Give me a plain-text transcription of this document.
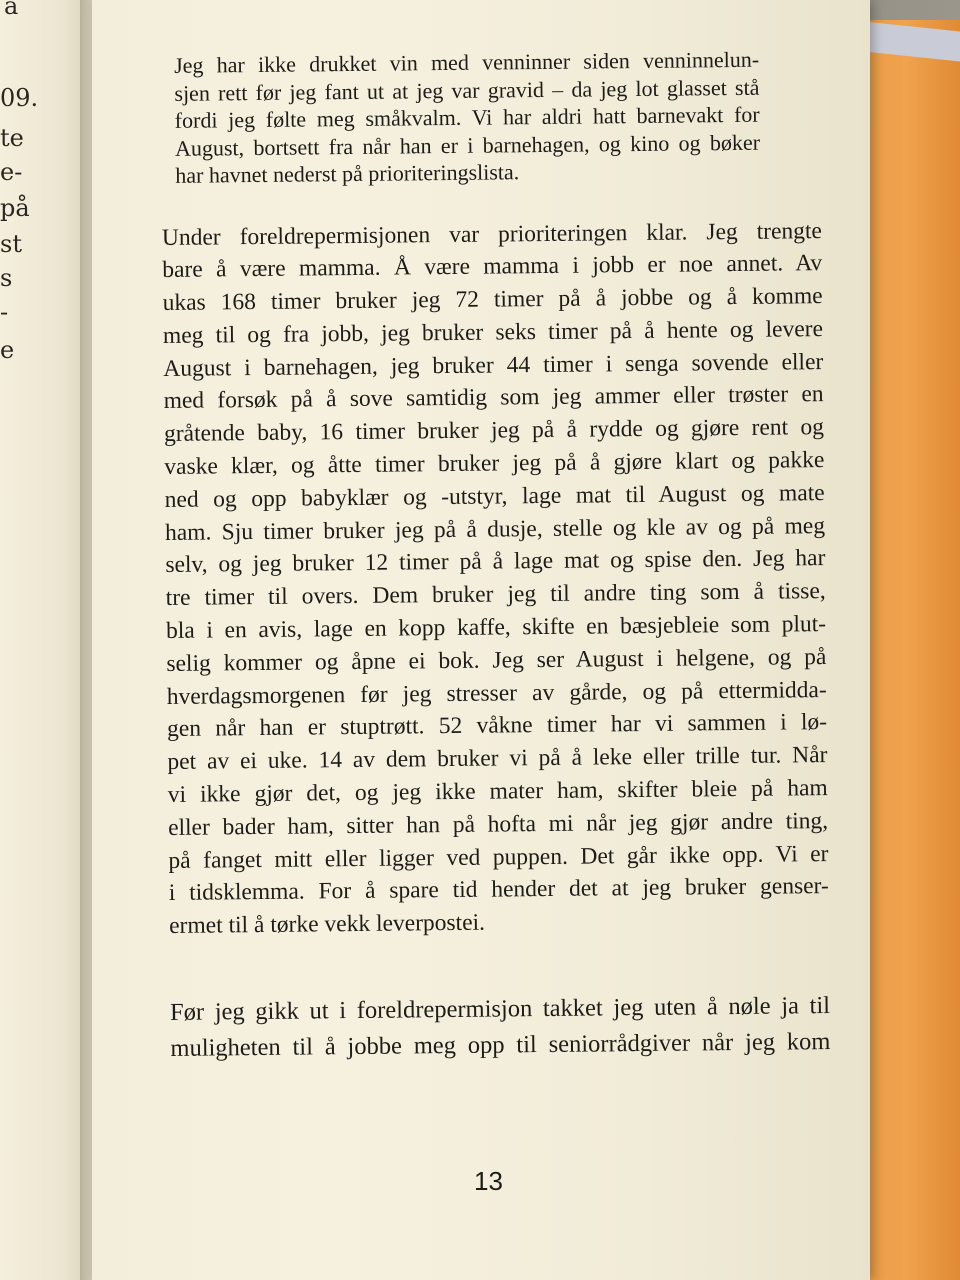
a
09.
te
e-
på
st
s
-
e
Jeg har ikke drukket vin med venninner siden venninnelun-
sjen rett før jeg fant ut at jeg var gravid – da jeg lot glasset stå
fordi jeg følte meg småkvalm. Vi har aldri hatt barnevakt for
August, bortsett fra når han er i barnehagen, og kino og bøker
har havnet nederst på prioriteringslista.
Under foreldrepermisjonen var prioriteringen klar. Jeg trengte
bare å være mamma. Å være mamma i jobb er noe annet. Av
ukas 168 timer bruker jeg 72 timer på å jobbe og å komme
meg til og fra jobb, jeg bruker seks timer på å hente og levere
August i barnehagen, jeg bruker 44 timer i senga sovende eller
med forsøk på å sove samtidig som jeg ammer eller trøster en
gråtende baby, 16 timer bruker jeg på å rydde og gjøre rent og
vaske klær, og åtte timer bruker jeg på å gjøre klart og pakke
ned og opp babyklær og -utstyr, lage mat til August og mate
ham. Sju timer bruker jeg på å dusje, stelle og kle av og på meg
selv, og jeg bruker 12 timer på å lage mat og spise den. Jeg har
tre timer til overs. Dem bruker jeg til andre ting som å tisse,
bla i en avis, lage en kopp kaffe, skifte en bæsjebleie som plut-
selig kommer og åpne ei bok. Jeg ser August i helgene, og på
hverdagsmorgenen før jeg stresser av gårde, og på ettermidda-
gen når han er stuptrøtt. 52 våkne timer har vi sammen i lø-
pet av ei uke. 14 av dem bruker vi på å leke eller trille tur. Når
vi ikke gjør det, og jeg ikke mater ham, skifter bleie på ham
eller bader ham, sitter han på hofta mi når jeg gjør andre ting,
på fanget mitt eller ligger ved puppen. Det går ikke opp. Vi er
i tidsklemma. For å spare tid hender det at jeg bruker genser-
ermet til å tørke vekk leverpostei.
Før jeg gikk ut i foreldrepermisjon takket jeg uten å nøle ja til
muligheten til å jobbe meg opp til seniorrådgiver når jeg kom
13
